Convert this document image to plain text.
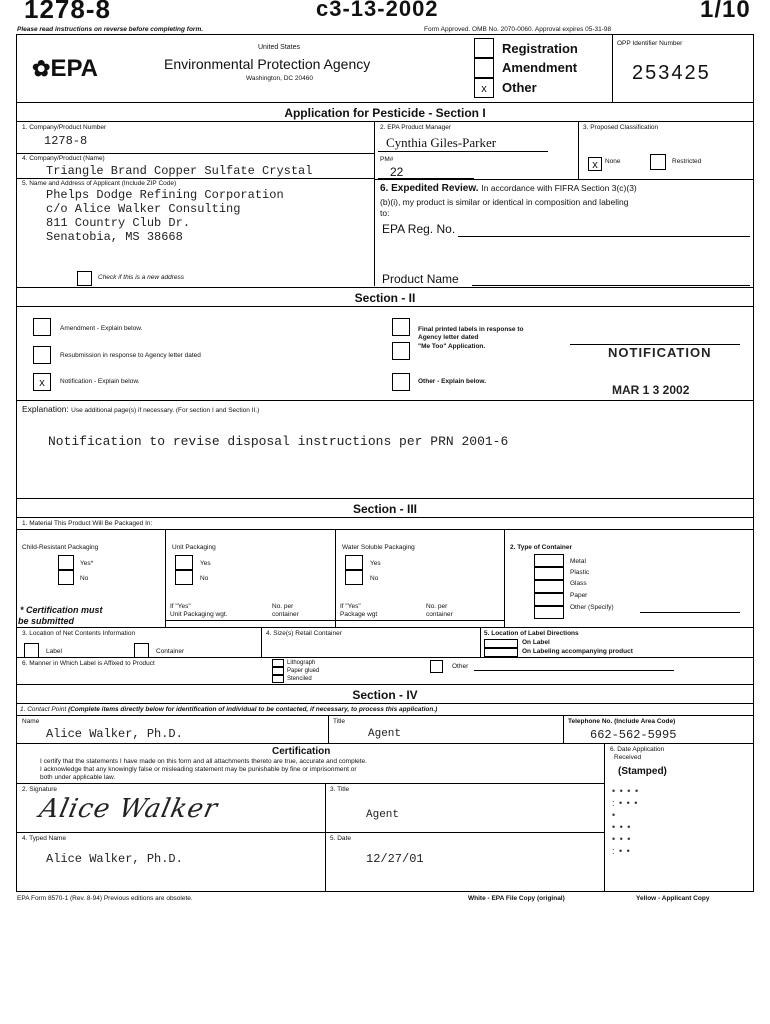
1278-8	c3-13-2002	1/10
Please read instructions on reverse before completing form.	Form Approved. OMB No. 2070-0060. Approval expires 05-31-98
✿EPA
United States
Environmental Protection Agency
Washington, DC 20460
x
Registration
Amendment
Other
OPP Identifier Number
253425
Application for Pesticide - Section I
1. Company/Product Number
1278-8
2. EPA Product Manager
Cynthia Giles-Parker
3. Proposed Classification
x	None	Restricted
4. Company/Product (Name)
Triangle Brand Copper Sulfate Crystal
PM#
22
5. Name and Address of Applicant (Include ZIP Code)
Phelps Dodge Refining Corporation
c/o Alice Walker Consulting
811 Country Club Dr.
Senatobia, MS 38668
Check if this is a new address
6. Expedited Review. In accordance with FIFRA Section 3(c)(3)
(b)(i), my product is similar or identical in composition and labeling
to:
EPA Reg. No.
Product Name
Section - II
Amendment - Explain below.
Resubmission in response to Agency letter dated
x	Notification - Explain below.
Final printed labels in response to
Agency letter dated
"Me Too" Application.
Other - Explain below.
NOTIFICATION
MAR 1 3 2002
Explanation: Use additional page(s) if necessary. (For section I and Section II.)
Notification to revise disposal instructions per PRN 2001-6
Section - III
1. Material This Product Will Be Packaged In:
Child-Resistant Packaging
Yes*
No
* Certification must
be submitted
Unit Packaging
Yes
No
If "Yes"
Unit Packaging wgt.
No. per
container
Water Soluble Packaging
Yes
No
If "Yes"
Package wgt
No. per
container
2. Type of Container
Metal
Plastic
Glass
Paper
Other (Specify)
3. Location of Net Contents Information
Label	Container
4. Size(s) Retail Container	5. Location of Label Directions
On Label
On Labeling accompanying product
6. Manner in Which Label is Affixed to Product	Lithograph
Paper glued
Stenciled
Other
Section - IV
1. Contact Point (Complete items directly below for identification of individual to be contacted, if necessary, to process this application.)
Name
Alice Walker, Ph.D.
Title
Agent
Telephone No. (Include Area Code)
662-562-5995
Certification
I certify that the statements I have made on this form and all attachments thereto are true, accurate and complete.
I acknowledge that any knowingly false or misleading statement may be punishable by fine or imprisonment or
both under applicable law.
6. Date Application
Received
(Stamped)
• • • •
: • • •
•
• • •
• • •
: • •
2. Signature
Alice Walker
3. Title
Agent
4. Typed Name
Alice Walker, Ph.D.
5. Date
12/27/01
EPA Form 8570-1 (Rev. 8-94) Previous editions are obsolete.	White - EPA File Copy (original)	Yellow - Applicant Copy
